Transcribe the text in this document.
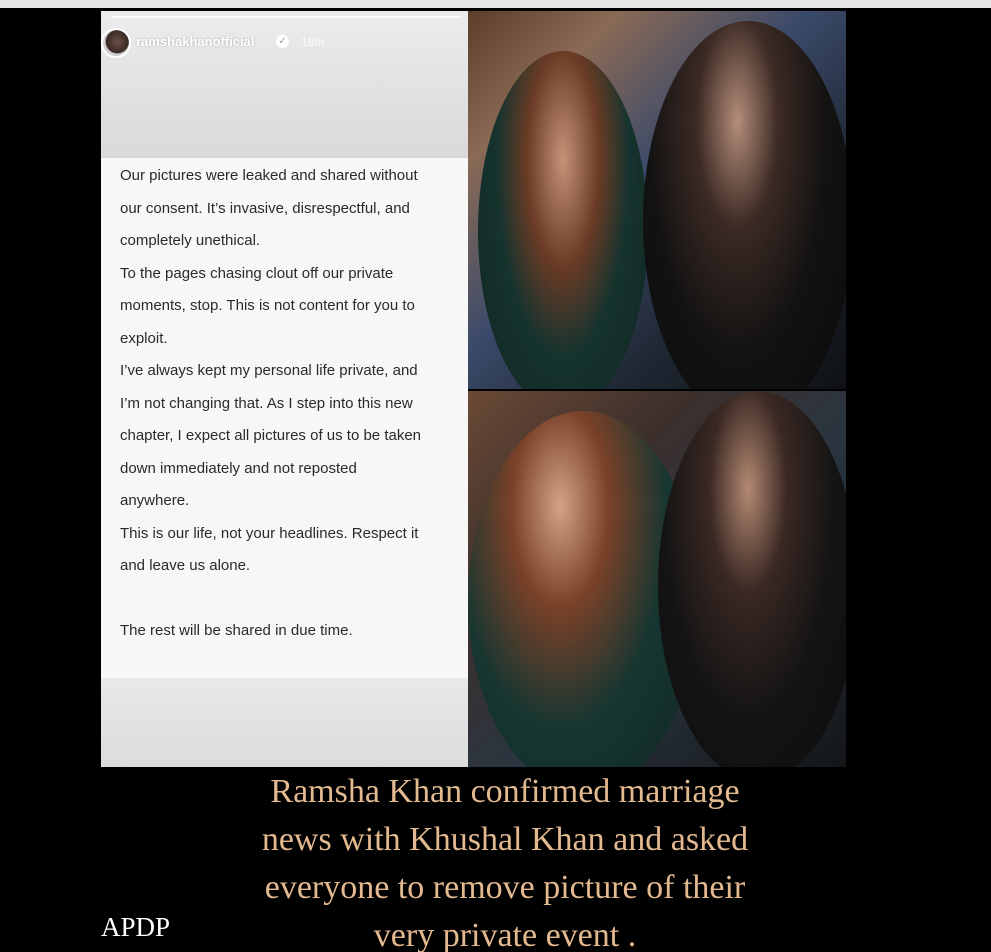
ramshakhanofficial ✓ 18m
Our pictures were leaked and shared without
our consent. It’s invasive, disrespectful, and
completely unethical.
To the pages chasing clout off our private
moments, stop. This is not content for you to
exploit.
I’ve always kept my personal life private, and
I’m not changing that. As I step into this new
chapter, I expect all pictures of us to be taken
down immediately and not reposted
anywhere.
This is our life, not your headlines. Respect it
and leave us alone.
The rest will be shared in due time.

Ramsha Khan confirmed marriage
news with Khushal Khan and asked
everyone to remove picture of their
very private event .

APDP
